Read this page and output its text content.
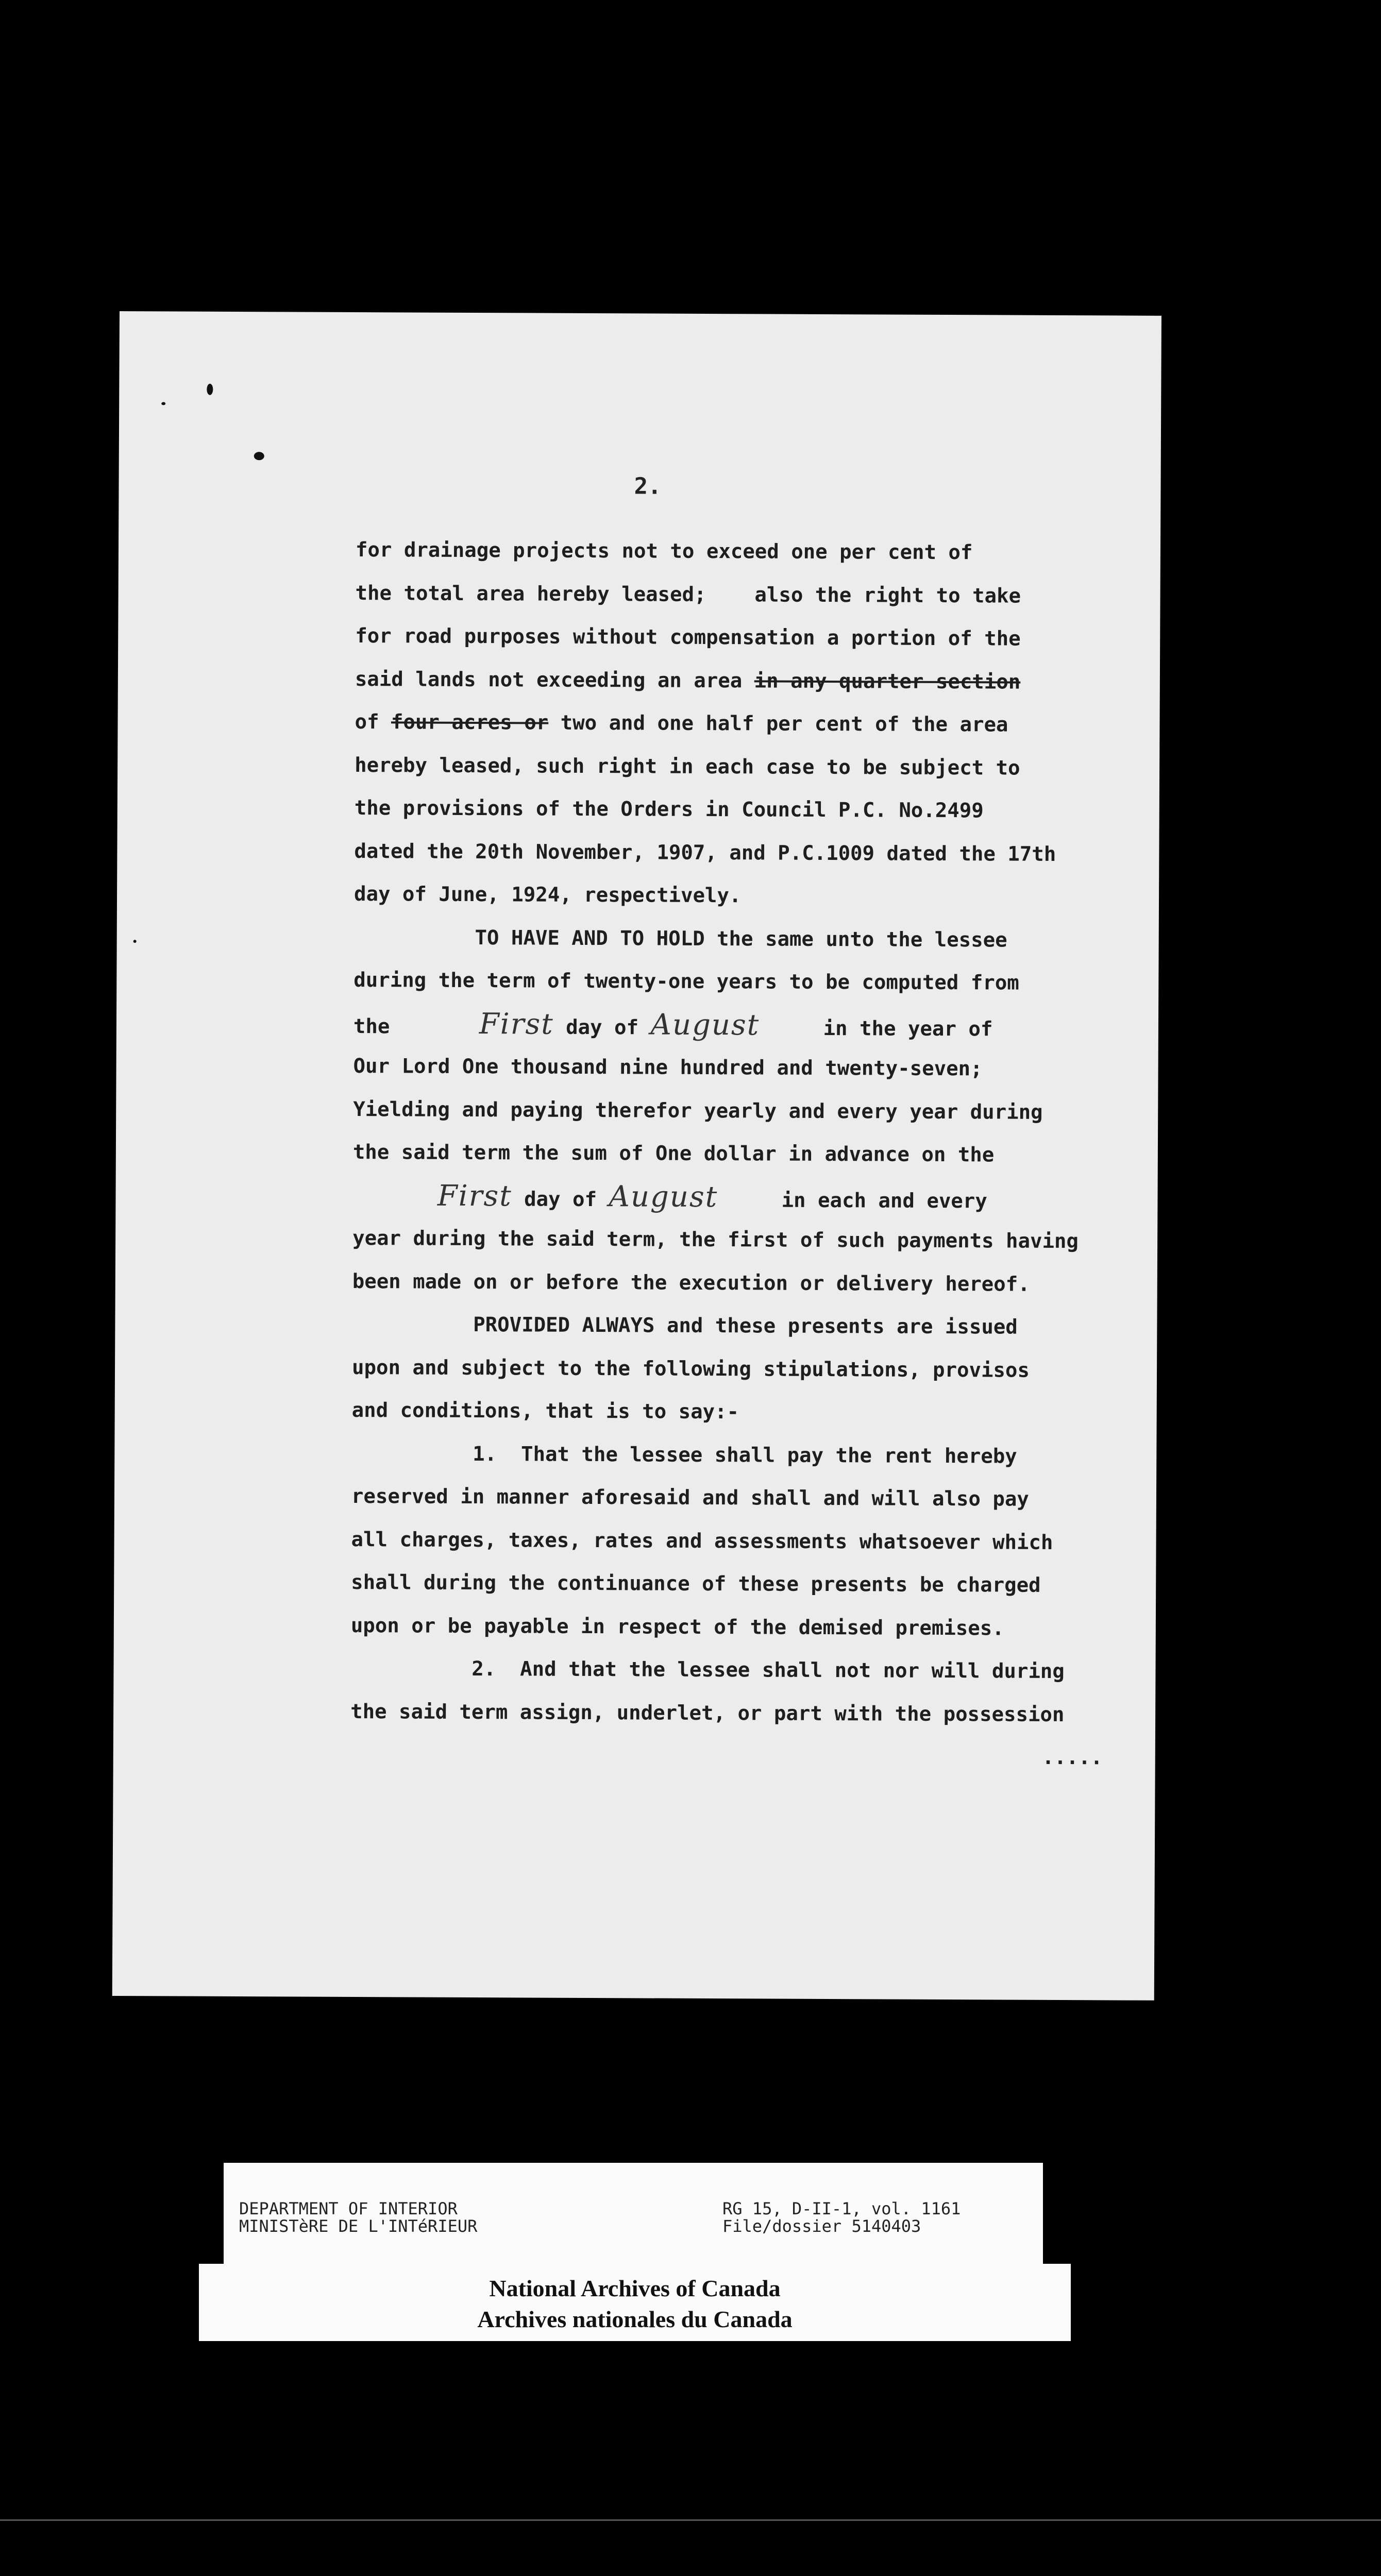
2.

for drainage projects not to exceed one per cent of
the total area hereby leased;    also the right to take
for road purposes without compensation a portion of the
said lands not exceeding an area in any quarter section
of four acres or two and one half per cent of the area
hereby leased, such right in each case to be subject to
the provisions of the Orders in Council P.C. No.2499
dated the 20th November, 1907, and P.C.1009 dated the 17th
day of June, 1924, respectively.
TO HAVE AND TO HOLD the same unto the lessee
during the term of twenty-one years to be computed from
the	First day of August	in the year of
Our Lord One thousand nine hundred and twenty-seven;
Yielding and paying therefor yearly and every year during
the said term the sum of One dollar in advance on the
First day of August	in each and every
year during the said term, the first of such payments having
been made on or before the execution or delivery hereof.
PROVIDED ALWAYS and these presents are issued
upon and subject to the following stipulations, provisos
and conditions, that is to say:-
1.  That the lessee shall pay the rent hereby
reserved in manner aforesaid and shall and will also pay
all charges, taxes, rates and assessments whatsoever which
shall during the continuance of these presents be charged
upon or be payable in respect of the demised premises.
2.  And that the lessee shall not nor will during
the said term assign, underlet, or part with the possession
.....
DEPARTMENT OF INTERIOR
MINISTèRE DE L'INTéRIEUR
RG 15, D-II-1, vol. 1161
File/dossier 5140403
National Archives of Canada
Archives nationales du Canada
